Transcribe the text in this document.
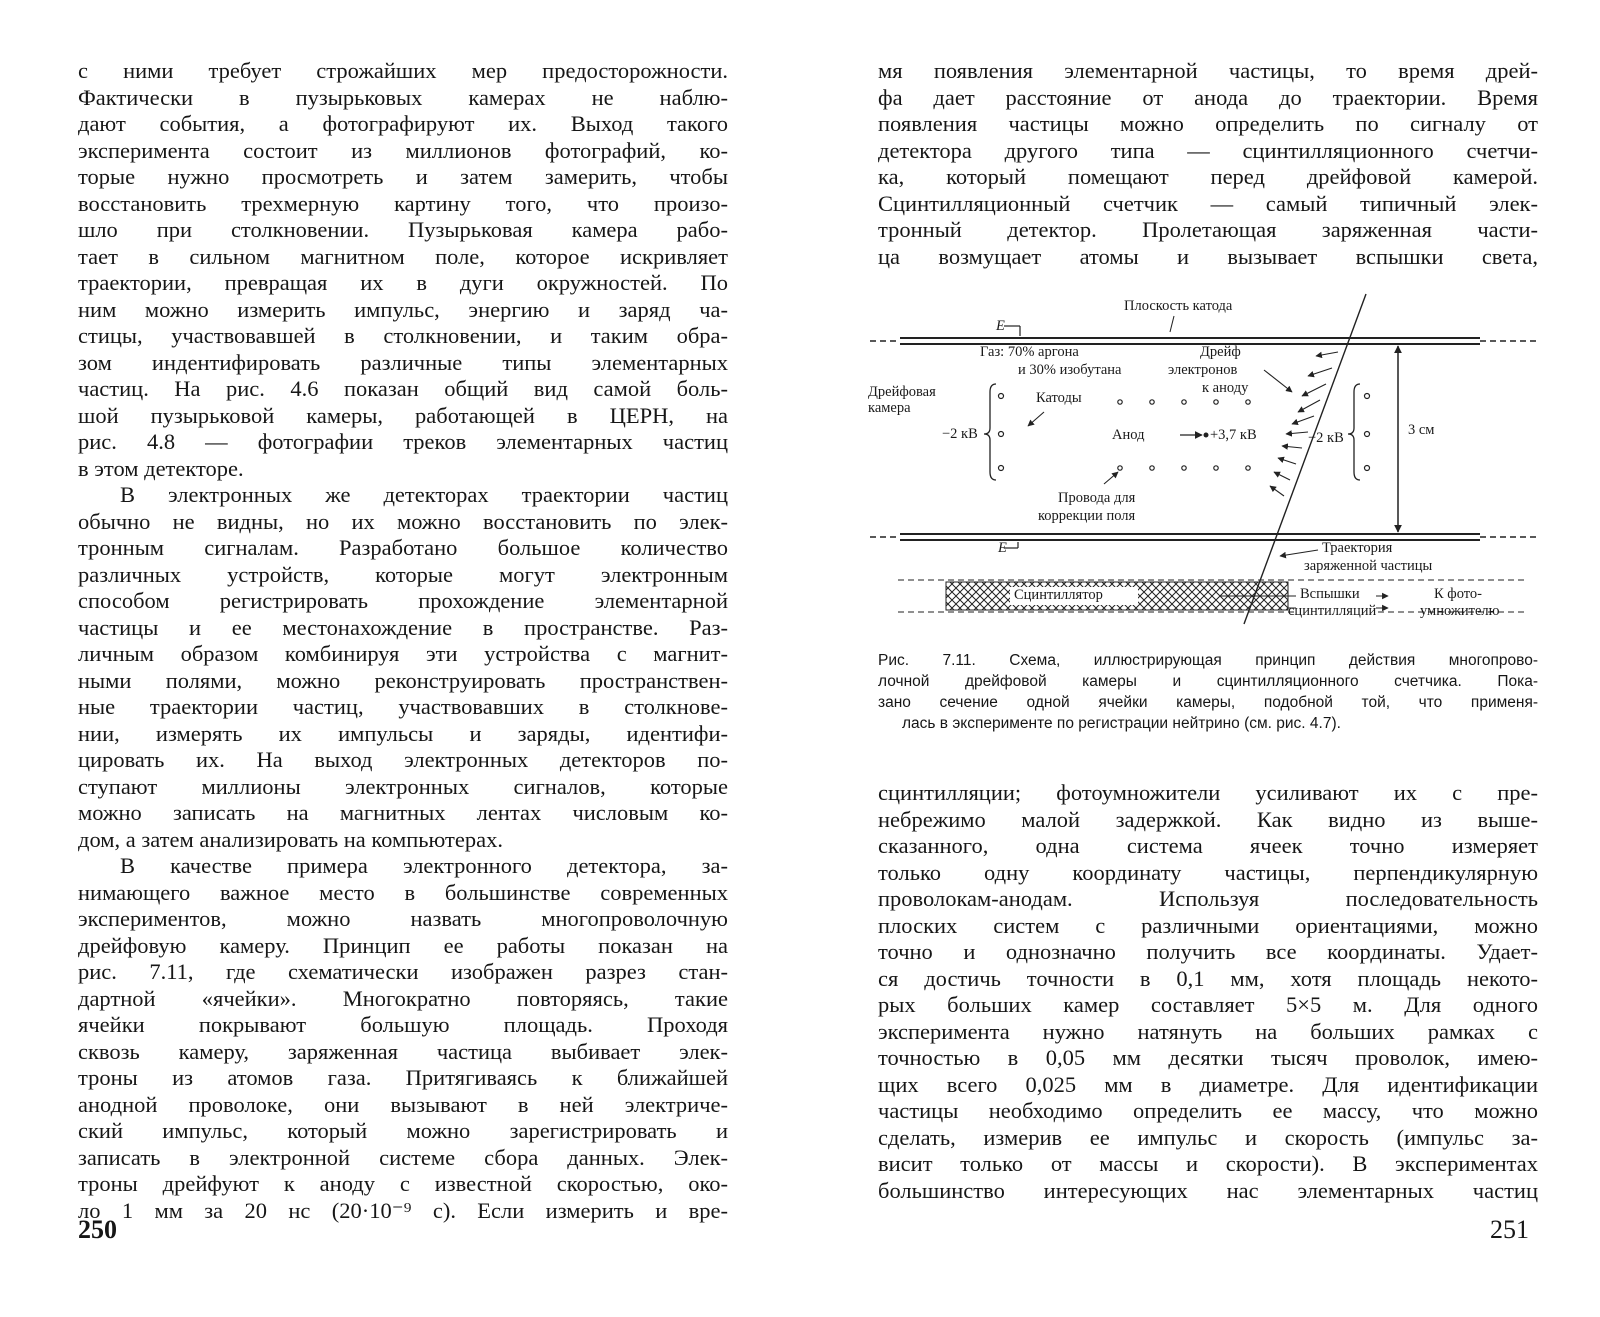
с ними требует строжайших мер предосторожности.
Фактически в пузырьковых камерах не наблю-
дают события, а фотографируют их. Выход такого
эксперимента состоит из миллионов фотографий, ко-
торые нужно просмотреть и затем замерить, чтобы
восстановить трехмерную картину того, что произо-
шло при столкновении. Пузырьковая камера рабо-
тает в сильном магнитном поле, которое искривляет
траектории, превращая их в дуги окружностей. По
ним можно измерить импульс, энергию и заряд ча-
стицы, участвовавшей в столкновении, и таким обра-
зом индентифировать различные типы элементарных
частиц. На рис. 4.6 показан общий вид самой боль-
шой пузырьковой камеры, работающей в ЦЕРН, на
рис. 4.8 — фотографии треков элементарных частиц
в этом детекторе.
В электронных же детекторах траектории частиц
обычно не видны, но их можно восстановить по элек-
тронным сигналам. Разработано большое количество
различных устройств, которые могут электронным
способом регистрировать прохождение элементарной
частицы и ее местонахождение в пространстве. Раз-
личным образом комбинируя эти устройства с магнит-
ными полями, можно реконструировать пространствен-
ные траектории частиц, участвовавших в столкнове-
нии, измерять их импульсы и заряды, идентифи-
цировать их. На выход электронных детекторов по-
ступают миллионы электронных сигналов, которые
можно записать на магнитных лентах числовым ко-
дом, а затем анализировать на компьютерах.
В качестве примера электронного детектора, за-
нимающего важное место в большинстве современных
экспериментов, можно назвать многопроволочную
дрейфовую камеру. Принцип ее работы показан на
рис. 7.11, где схематически изображен разрез стан-
дартной «ячейки». Многократно повторяясь, такие
ячейки покрывают большую площадь. Проходя
сквозь камеру, заряженная частица выбивает элек-
троны из атомов газа. Притягиваясь к ближайшей
анодной проволоке, они вызывают в ней электриче-
ский импульс, который можно зарегистрировать и
записать в электронной системе сбора данных. Элек-
троны дрейфуют к аноду с известной скоростью, око-
ло 1 мм за 20 нс (20·10⁻⁹ с). Если измерить и вре-
250
мя появления элементарной частицы, то время дрей-
фа дает расстояние от анода до траектории. Время
появления частицы можно определить по сигналу от
детектора другого типа — сцинтилляционного счетчи-
ка, который помещают перед дрейфовой камерой.
Сцинтилляционный счетчик — самый типичный элек-
тронный детектор. Пролетающая заряженная части-
ца возмущает атомы и вызывает вспышки света,
Плоскость катода
E
Газ: 70% аргона
и 30% изобутана
Дрейф
электронов
к аноду
Дрейфовая
камера
Катоды
−2 кВ	Анод	+3,7 кВ	−2 кВ	3 см
Провода для
коррекции поля
E	Траектория
заряженной частицы
Сцинтиллятор	Вспышки
сцинтилляций
К фото-
умножителю
Рис. 7.11. Схема, иллюстрирующая принцип действия многопрово-
лочной дрейфовой камеры и сцинтилляционного счетчика. Пока-
зано сечение одной ячейки камеры, подобной той, что применя-
лась в эксперименте по регистрации нейтрино (см. рис. 4.7).
сцинтилляции; фотоумножители усиливают их с пре-
небрежимо малой задержкой. Как видно из выше-
сказанного, одна система ячеек точно измеряет
только одну координату частицы, перпендикулярную
проволокам-анодам. Используя последовательность
плоских систем с различными ориентациями, можно
точно и однозначно получить все координаты. Удает-
ся достичь точности в 0,1 мм, хотя площадь некото-
рых больших камер составляет 5×5 м. Для одного
эксперимента нужно натянуть на больших рамках с
точностью в 0,05 мм десятки тысяч проволок, имею-
щих всего 0,025 мм в диаметре. Для идентификации
частицы необходимо определить ее массу, что можно
сделать, измерив ее импульс и скорость (импульс за-
висит только от массы и скорости). В экспериментах
большинство интересующих нас элементарных частиц
251
